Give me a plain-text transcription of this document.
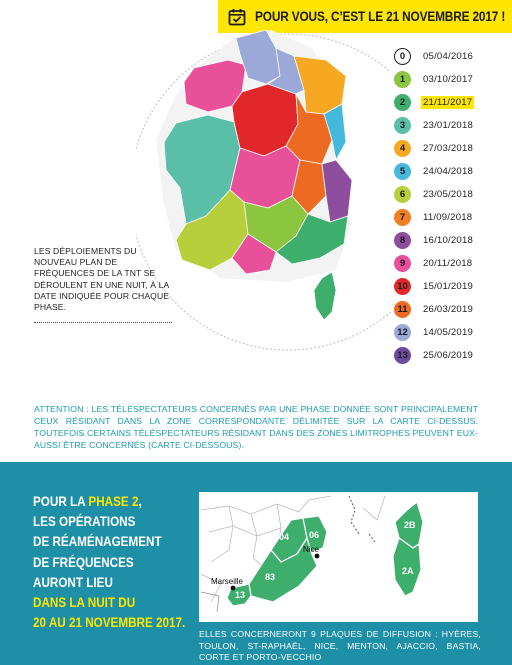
POUR VOUS, C’EST LE 21 NOVEMBRE 2017 !
0	05/04/2016
1	03/10/2017
2	21/11/2017
3	23/01/2018
4	27/03/2018
5	24/04/2018
6	23/05/2018
7	11/09/2018
8	16/10/2018
9	20/11/2018
10	15/01/2019
11	26/03/2019
12	14/05/2019
13	25/06/2019
LES DÉPLOIEMENTS DU NOUVEAU PLAN DE FRÉQUENCES DE LA TNT SE DÉROULENT EN UNE NUIT, À LA DATE INDIQUÉE POUR CHAQUE PHASE.
ATTENTION : LES TÉLÉSPECTATEURS CONCERNÉS PAR UNE PHASE DONNÉE SONT PRINCIPALEMENT CEUX RÉSIDANT DANS LA ZONE CORRESPONDANTE DÉLIMITÉE SUR LA CARTE CI-DESSUS. TOUTEFOIS CERTAINS TÉLÉSPECTATEURS RÉSIDANT DANS DES ZONES LIMITROPHES PEUVENT EUX-AUSSI ÊTRE CONCERNÉS (CARTE CI-DESSOUS).
POUR LA PHASE 2,
LES OPÉRATIONS
DE RÉAMÉNAGEMENT
DE FRÉQUENCES
AURONT LIEU
DANS LA NUIT DU
20 AU 21 NOVEMBRE 2017.
04 06
83
13
2B
2A
Nice
Marseille
ELLES CONCERNERONT 9 PLAQUES DE DIFFUSION : HYÈRES, TOULON, ST-RAPHAËL, NICE, MENTON, AJACCIO, BASTIA, CORTE ET PORTO-VECCHIO
